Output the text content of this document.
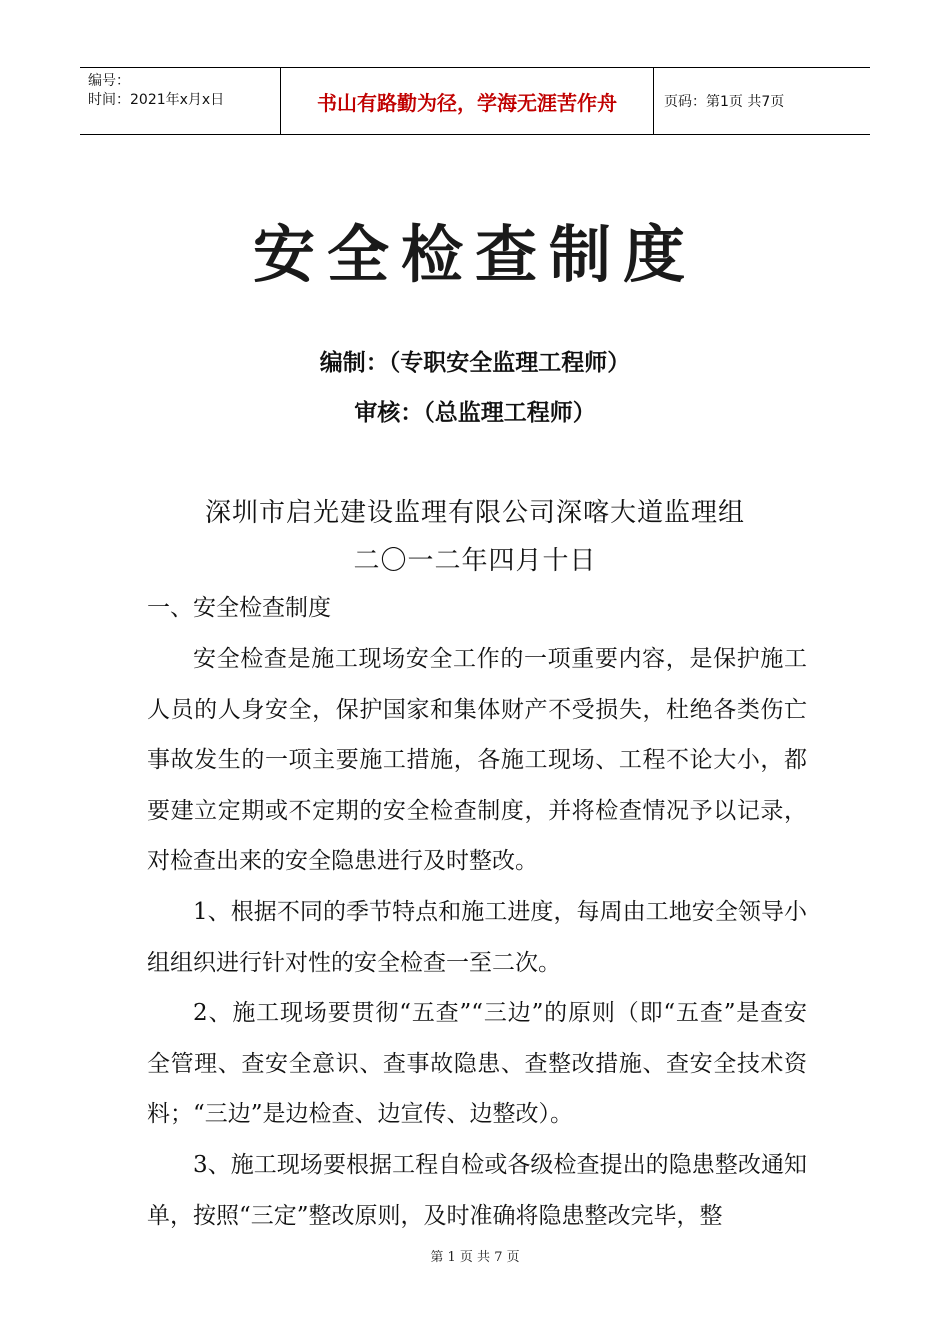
编号：
时间：2021年x月x日	书山有路勤为径，学海无涯苦作舟	页码：第1页 共7页
安全检查制度
编制：（专职安全监理工程师）
审核：（总监理工程师）
深圳市启光建设监理有限公司深喀大道监理组
二〇一二年四月十日
一、安全检查制度

安全检查是施工现场安全工作的一项重要内容，是保护施工人员的人身安全，保护国家和集体财产不受损失，杜绝各类伤亡事故发生的一项主要施工措施，各施工现场、工程不论大小，都要建立定期或不定期的安全检查制度，并将检查情况予以记录，对检查出来的安全隐患进行及时整改。

1、根据不同的季节特点和施工进度，每周由工地安全领导小组组织进行针对性的安全检查一至二次。

2、施工现场要贯彻“五查”“三边”的原则（即“五查”是查安全管理、查安全意识、查事故隐患、查整改措施、查安全技术资料；“三边”是边检查、边宣传、边整改）。

3、施工现场要根据工程自检或各级检查提出的隐患整改通知单，按照“三定”整改原则，及时准确将隐患整改完毕，整

第 1 页 共 7 页
